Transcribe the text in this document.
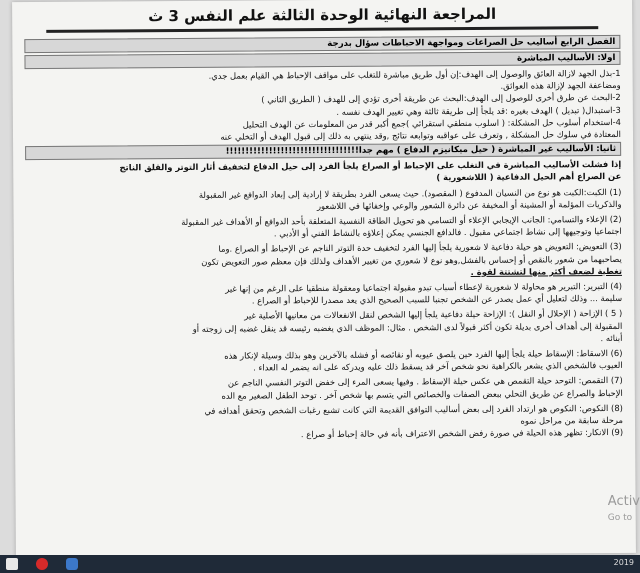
المراجعة النهائية الوحدة الثالثة علم النفس 3 ث
الفصل الرابع أساليب حل الصراعات ومواجهة الاحباطات سؤال بدرجة
اولا: الأساليب المباشرة

1-بذل الجهد لازالة العائق والوصول إلى الهدف:إن أول طريق مباشرة للتغلب على مواقف الإحباط هي القيام بعمل جدي.

ومضاعفة الجهد لإزالة هذه العوائق.

2-البحث عن طرق أخرى للوصول إلى الهدف:البحث عن طريقة أخرى تؤدي إلى للهدف ( الطريق الثاني )

3-استبدال( تبديل ) الهدف بغيره :قد يلجأ إلى طريقة ثالثة وهي تغيير الهدف نفسه .

4-استخدام أسلوب حل المشكلة: ( اسلوب منطقي استقرائي )جمع أكبر قدر من المعلومات عن الهدف التحليل

المعتادة في سلوك حل المشكلة , وتعرف على عواقبه وتوابعه نتائج ,وقد ينتهي به ذلك إلى قبول الهدف أو التخلي عنه

ثانيا: الأساليب غير المباشرة ( حيل ميكانيزم الدفاع ) مهم جدا!!!!!!!!!!!!!!!!!!!!!!!!!!!!!!!!!!

إذا فشلت الأساليب المباشرة في التغلب على الإحباط أو الصراع يلجأ الفرد إلى حيل الدفاع لتخفيف أثار التوتر والقلق الناتج

عن الصراع أهم الحيل الدفاعية ( اللاشعورية )

(1) الكبت:الكبت هو نوع من النسيان المدفوع ( المقصود). حيث يسعى الفرد بطريقة لا إرادية إلى إبعاد الدوافع غير المقبولة

والذكريات المؤلمة أو المشينة أو المخيفة عن دائرة الشعور والوعي وإخفائها في اللاشعور

(2) الإعلاء والتسامي: الجانب الإيجابي الإعلاء أو التسامي هو تحويل الطاقة النفسية المتعلقة بأحد الدوافع أو الأهداف غير المقبولة

اجتماعيا وتوجيهها إلى نشاط اجتماعي مقبول . فالدافع الجنسي يمكن إعلاؤه بالنشاط الفني أو الأدبي .

(3) التعويض: التعويض هو حيلة دفاعية لا شعورية يلجأ إليها الفرد لتخفيف حدة التوتر الناجم عن الإحباط أو الصراع .وما

يصاحبهما من شعور بالنقص أو إحساس بالفشل,وهو نوع لا شعوري من تغيير الأهداف ولذلك فإن معظم صور التعويض تكون

تغطية لضعف أكثر منها لتشتتة لقوة .

(4) التبرير: التبرير هو محاولة لا شعورية لإعطاء أسباب تبدو مقبولة اجتماعيا ومعقولة منطقيا على الرغم من إنها غير

سليمة ... وذلك لتعليل أي عمل يصدر عن الشخص تجنبا للسبب الصحيح الذي يعد مصدرا للإحباط أو الصراع .

( 5 ) الإزاحة ( الإحلال أو النقل ): الإزاحة حيلة دفاعية يلجأ إليها الشخص لنقل الانفعالات من معانيها الأصلية غير

المقبولة إلى أهداف أخرى بديلة تكون أكثر قبولاً لدى الشخص . مثال: الموظف الذي يغضبه رئيسه قد ينقل غضبه إلى زوجته أو

أبنائه .

(6) الاسقاط: الإسقاط حيلة يلجأ إليها الفرد حين يلصق عيوبه أو نقائصه أو فشله بالآخرين وهو بذلك وسيلة لإنكار هذه

العيوب فالشخص الذي يشعر بالكراهية نحو شخص آخر قد يسقط ذلك عليه ويدركه على انه يضمر له العداء .

(7) التقمص: التوحد حيلة التقمص هي عكس حيلة الإسقاط . وفيها يسعى المرء إلى خفض التوتر النفسي الناجم عن

الإحباط والصراع عن طريق التحلي ببعض الصفات والخصائص التي يتسم بها شخص آخر . توحد الطفل الصغير مع الده

(8) النكوص: النكوص هو ارتداد الفرد إلى بعض أساليب التوافق القديمة التي كانت تشبع رغبات الشخص وتحقق أهدافه في

مرحلة سابقة من مراحل نموه

(9) الانكار: تظهر هذه الحيلة في صورة رفض الشخص الاعتراف بأنه في حالة إحباط أو صراع .

Activ
Go to
2019
